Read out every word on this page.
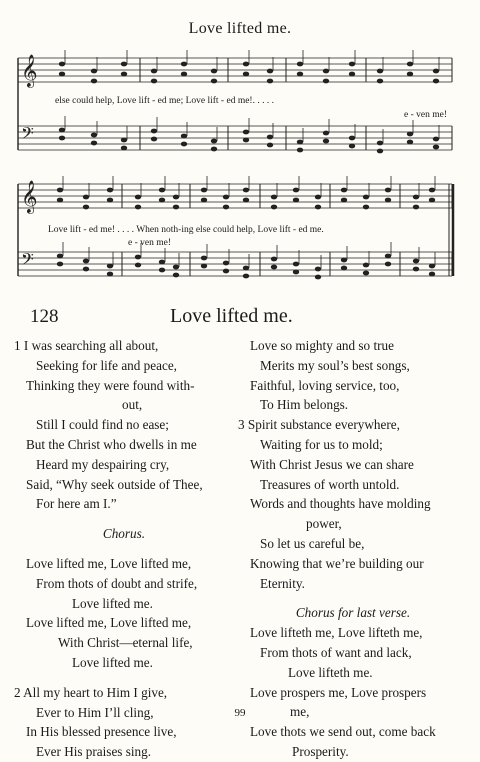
Love lifted me.
𝄞
𝄢
𝄞
𝄢
else could help, Love lift - ed me; Love lift - ed me!. . . . .
e - ven me!
Love lift - ed me! . . . . When noth-ing else could help, Love lift - ed me.
e - ven me!
128	Love lifted me.
1 I was searching all about,
Seeking for life and peace,
Thinking they were found with-
out,
Still I could find no ease;
But the Christ who dwells in me
Heard my despairing cry,
Said, “Why seek outside of Thee,
For here am I.”
Chorus.
Love lifted me, Love lifted me,
From thots of doubt and strife,
Love lifted me.
Love lifted me, Love lifted me,
With Christ—eternal life,
Love lifted me.
2 All my heart to Him I give,
Ever to Him I’ll cling,
In His blessed presence live,
Ever His praises sing.
Love so mighty and so true
Merits my soul’s best songs,
Faithful, loving service, too,
To Him belongs.
3 Spirit substance everywhere,
Waiting for us to mold;
With Christ Jesus we can share
Treasures of worth untold.
Words and thoughts have molding
power,
So let us careful be,
Knowing that we’re building our
Eternity.
Chorus for last verse.
Love lifteth me, Love lifteth me,
From thots of want and lack,
Love lifteth me.
Love prospers me, Love prospers
me,
Love thots we send out, come back
Prosperity.
99
